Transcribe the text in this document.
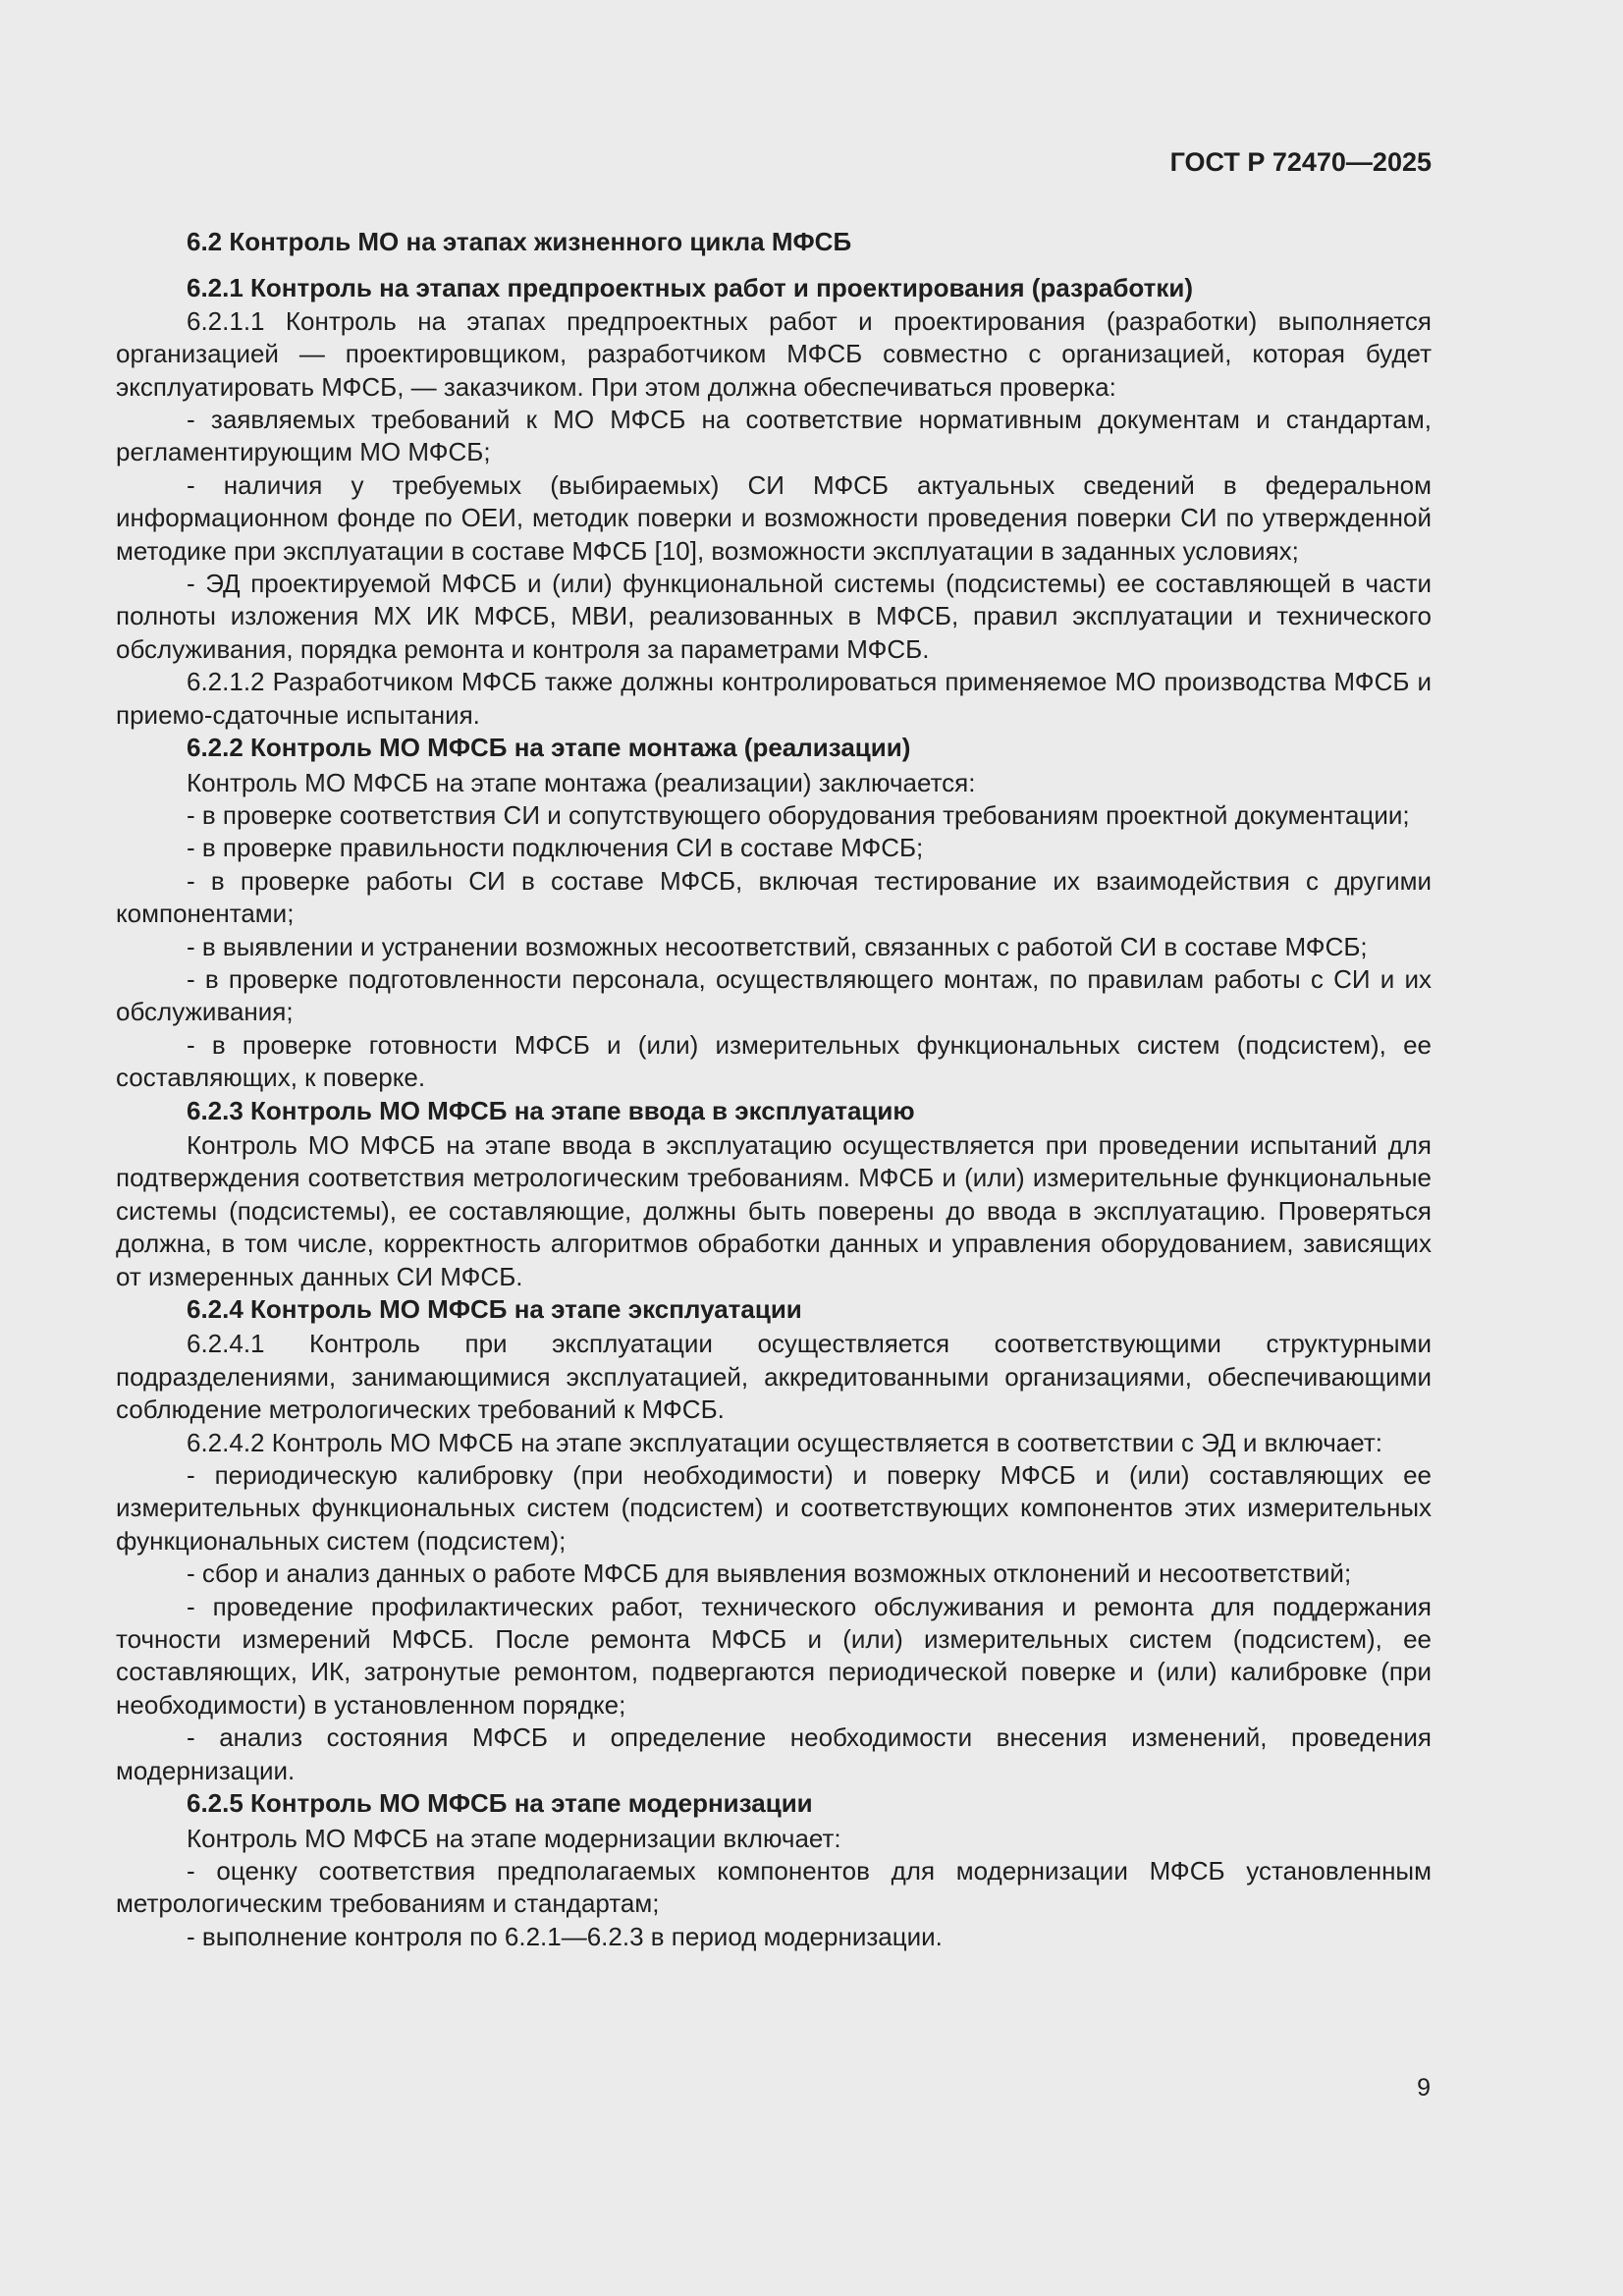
ГОСТ Р 72470—2025

6.2 Контроль МО на этапах жизненного цикла МФСБ

6.2.1 Контроль на этапах предпроектных работ и проектирования (разработки)

6.2.1.1 Контроль на этапах предпроектных работ и проектирования (разработки) выполняется организацией — проектировщиком, разработчиком МФСБ совместно с организацией, которая будет эксплуатировать МФСБ, — заказчиком. При этом должна обеспечиваться проверка:

- заявляемых требований к МО МФСБ на соответствие нормативным документам и стандартам, регламентирующим МО МФСБ;

- наличия у требуемых (выбираемых) СИ МФСБ актуальных сведений в федеральном информационном фонде по ОЕИ, методик поверки и возможности проведения поверки СИ по утвержденной методике при эксплуатации в составе МФСБ [10], возможности эксплуатации в заданных условиях;

- ЭД проектируемой МФСБ и (или) функциональной системы (подсистемы) ее составляющей в части полноты изложения МХ ИК МФСБ, МВИ, реализованных в МФСБ, правил эксплуатации и технического обслуживания, порядка ремонта и контроля за параметрами МФСБ.

6.2.1.2 Разработчиком МФСБ также должны контролироваться применяемое МО производства МФСБ и приемо-сдаточные испытания.

6.2.2 Контроль МО МФСБ на этапе монтажа (реализации)

Контроль МО МФСБ на этапе монтажа (реализации) заключается:

- в проверке соответствия СИ и сопутствующего оборудования требованиям проектной документации;

- в проверке правильности подключения СИ в составе МФСБ;

- в проверке работы СИ в составе МФСБ, включая тестирование их взаимодействия с другими компонентами;

- в выявлении и устранении возможных несоответствий, связанных с работой СИ в составе МФСБ;

- в проверке подготовленности персонала, осуществляющего монтаж, по правилам работы с СИ и их обслуживания;

- в проверке готовности МФСБ и (или) измерительных функциональных систем (подсистем), ее составляющих, к поверке.

6.2.3 Контроль МО МФСБ на этапе ввода в эксплуатацию

Контроль МО МФСБ на этапе ввода в эксплуатацию осуществляется при проведении испытаний для подтверждения соответствия метрологическим требованиям. МФСБ и (или) измерительные функциональные системы (подсистемы), ее составляющие, должны быть поверены до ввода в эксплуатацию. Проверяться должна, в том числе, корректность алгоритмов обработки данных и управления оборудованием, зависящих от измеренных данных СИ МФСБ.

6.2.4 Контроль МО МФСБ на этапе эксплуатации

6.2.4.1 Контроль при эксплуатации осуществляется соответствующими структурными подразделениями, занимающимися эксплуатацией, аккредитованными организациями, обеспечивающими соблюдение метрологических требований к МФСБ.

6.2.4.2 Контроль МО МФСБ на этапе эксплуатации осуществляется в соответствии с ЭД и включает:

- периодическую калибровку (при необходимости) и поверку МФСБ и (или) составляющих ее измерительных функциональных систем (подсистем) и соответствующих компонентов этих измерительных функциональных систем (подсистем);

- сбор и анализ данных о работе МФСБ для выявления возможных отклонений и несоответствий;

- проведение профилактических работ, технического обслуживания и ремонта для поддержания точности измерений МФСБ. После ремонта МФСБ и (или) измерительных систем (подсистем), ее составляющих, ИК, затронутые ремонтом, подвергаются периодической поверке и (или) калибровке (при необходимости) в установленном порядке;

- анализ состояния МФСБ и определение необходимости внесения изменений, проведения модернизации.

6.2.5 Контроль МО МФСБ на этапе модернизации

Контроль МО МФСБ на этапе модернизации включает:

- оценку соответствия предполагаемых компонентов для модернизации МФСБ установленным метрологическим требованиям и стандартам;

- выполнение контроля по 6.2.1—6.2.3 в период модернизации.

9
